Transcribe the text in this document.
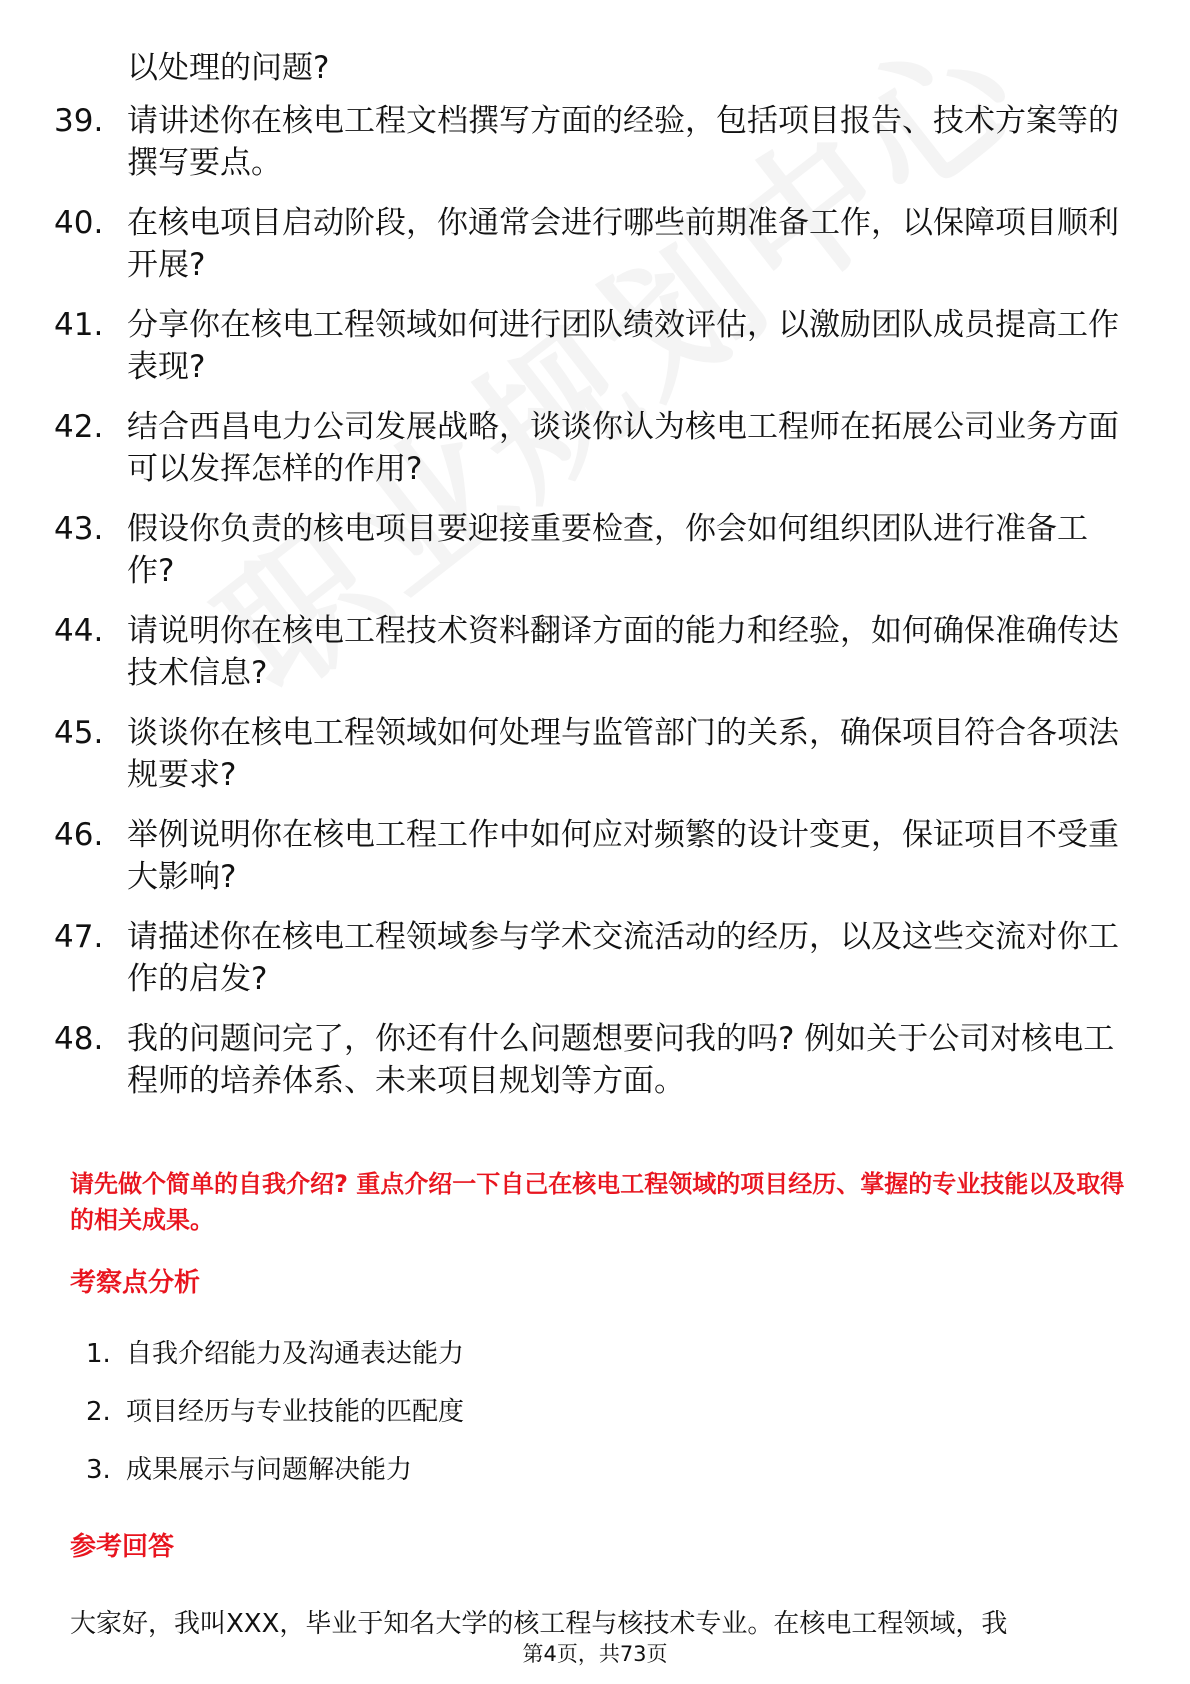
以处理的问题?
39. 请讲述你在核电工程文档撰写方面的经验，包括项目报告、技术方案等的撰写要点。
40. 在核电项目启动阶段，你通常会进行哪些前期准备工作，以保障项目顺利开展?
41. 分享你在核电工程领域如何进行团队绩效评估，以激励团队成员提高工作表现?
42. 结合西昌电力公司发展战略，谈谈你认为核电工程师在拓展公司业务方面可以发挥怎样的作用?
43. 假设你负责的核电项目要迎接重要检查，你会如何组织团队进行准备工作?
44. 请说明你在核电工程技术资料翻译方面的能力和经验，如何确保准确传达技术信息?
45. 谈谈你在核电工程领域如何处理与监管部门的关系，确保项目符合各项法规要求?
46. 举例说明你在核电工程工作中如何应对频繁的设计变更，保证项目不受重大影响?
47. 请描述你在核电工程领域参与学术交流活动的经历，以及这些交流对你工作的启发?
48. 我的问题问完了，你还有什么问题想要问我的吗? 例如关于公司对核电工程师的培养体系、未来项目规划等方面。
请先做个简单的自我介绍? 重点介绍一下自己在核电工程领域的项目经历、掌握的专业技能以及取得的相关成果。
考察点分析
1. 自我介绍能力及沟通表达能力
2. 项目经历与专业技能的匹配度
3. 成果展示与问题解决能力
参考回答
大家好，我叫XXX，毕业于知名大学的核工程与核技术专业。在核电工程领域，我
第4页，共73页
